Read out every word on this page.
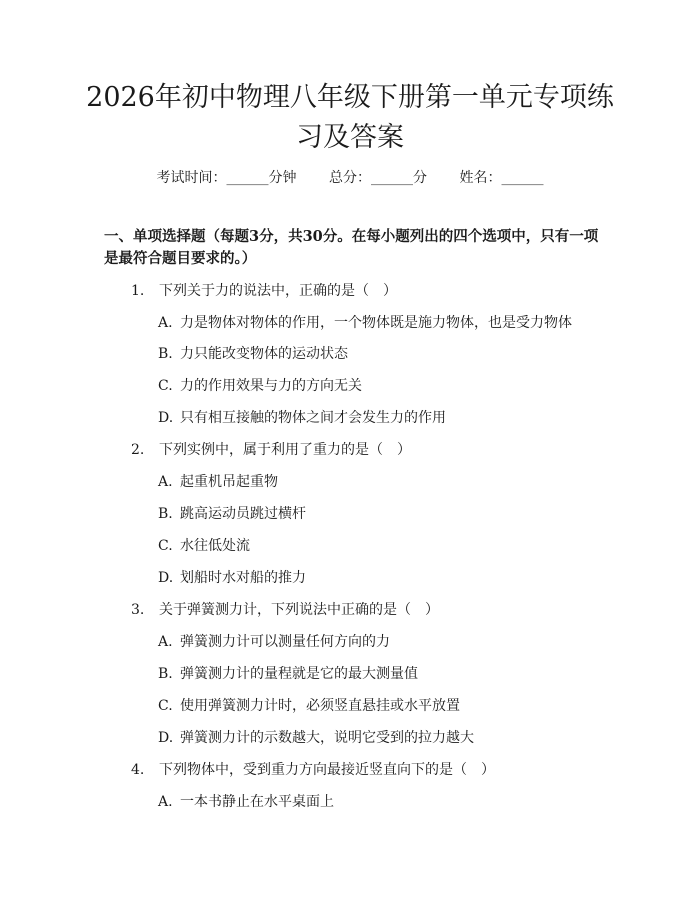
2026年初中物理八年级下册第一单元专项练
习及答案
考试时间：______分钟 总分：______分 姓名：______

一、单项选择题（每题3分，共30分。在每小题列出的四个选项中，只有一项是最符合题目要求的。）

1. 下列关于力的说法中，正确的是（　）
A. 力是物体对物体的作用，一个物体既是施力物体，也是受力物体
B. 力只能改变物体的运动状态
C. 力的作用效果与力的方向无关
D. 只有相互接触的物体之间才会发生力的作用
2. 下列实例中，属于利用了重力的是（　）
A. 起重机吊起重物
B. 跳高运动员跳过横杆
C. 水往低处流
D. 划船时水对船的推力
3. 关于弹簧测力计，下列说法中正确的是（　）
A. 弹簧测力计可以测量任何方向的力
B. 弹簧测力计的量程就是它的最大测量值
C. 使用弹簧测力计时，必须竖直悬挂或水平放置
D. 弹簧测力计的示数越大，说明它受到的拉力越大
4. 下列物体中，受到重力方向最接近竖直向下的是（　）
A. 一本书静止在水平桌面上
